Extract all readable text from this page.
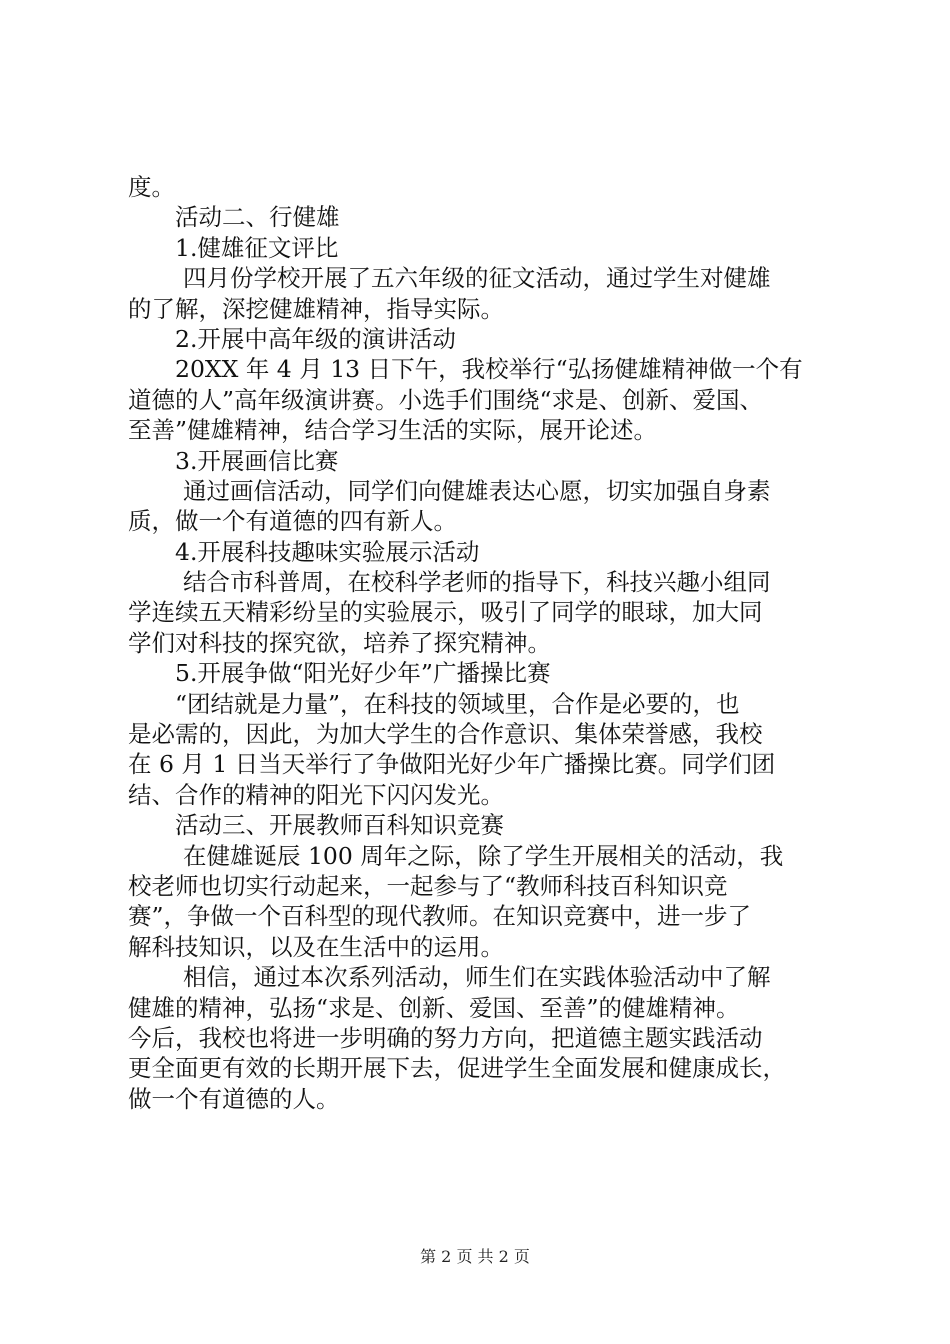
度。
活动二、行健雄
1.健雄征文评比
四月份学校开展了五六年级的征文活动，通过学生对健雄
的了解，深挖健雄精神，指导实际。
2.开展中高年级的演讲活动
20XX 年 4 月 13 日下午，我校举行“弘扬健雄精神做一个有
道德的人”高年级演讲赛。小选手们围绕“求是、创新、爱国、
至善”健雄精神，结合学习生活的实际，展开论述。
3.开展画信比赛
通过画信活动，同学们向健雄表达心愿，切实加强自身素
质，做一个有道德的四有新人。
4.开展科技趣味实验展示活动
结合市科普周，在校科学老师的指导下，科技兴趣小组同
学连续五天精彩纷呈的实验展示，吸引了同学的眼球，加大同
学们对科技的探究欲，培养了探究精神。
5.开展争做“阳光好少年”广播操比赛
“团结就是力量”，在科技的领域里，合作是必要的，也
是必需的，因此，为加大学生的合作意识、集体荣誉感，我校
在 6 月 1 日当天举行了争做阳光好少年广播操比赛。同学们团
结、合作的精神的阳光下闪闪发光。
活动三、开展教师百科知识竞赛
在健雄诞辰 100 周年之际，除了学生开展相关的活动，我
校老师也切实行动起来，一起参与了“教师科技百科知识竞
赛”，争做一个百科型的现代教师。在知识竞赛中，进一步了
解科技知识，以及在生活中的运用。
相信，通过本次系列活动，师生们在实践体验活动中了解
健雄的精神，弘扬“求是、创新、爱国、至善”的健雄精神。
今后，我校也将进一步明确的努力方向，把道德主题实践活动
更全面更有效的长期开展下去，促进学生全面发展和健康成长，
做一个有道德的人。
第 2 页 共 2 页
